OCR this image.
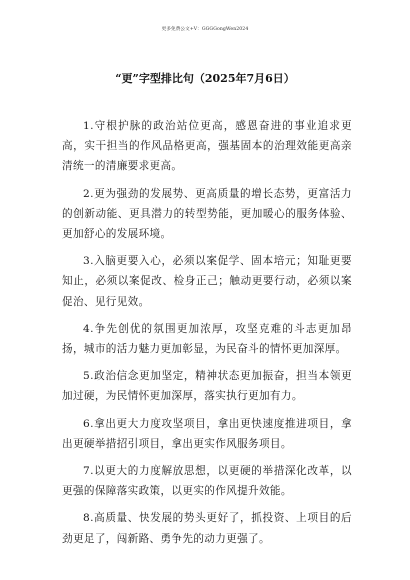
更多免费公文+V：GGGGongWen2024
“更”字型排比句（2025年7月6日）

1.守根护脉的政治站位更高，感恩奋进的事业追求更高，实干担当的作风品格更高，强基固本的治理效能更高亲清统一的清廉要求更高。

2.更为强劲的发展势、更高质量的增长态势，更富活力的创新动能、更具潜力的转型势能，更加暖心的服务体验、更加舒心的发展环境。

3.入脑更要入心，必须以案促学、固本培元；知耻更要知止，必须以案促改、检身正己；触动更要行动，必须以案促治、见行见效。

4.争先创优的氛围更加浓厚，攻坚克难的斗志更加昂扬，城市的活力魅力更加彰显，为民奋斗的情怀更加深厚。

5.政治信念更加坚定，精神状态更加振奋，担当本领更加过硬，为民情怀更加深厚，落实执行更加有力。

6.拿出更大力度攻坚项目，拿出更快速度推进项目，拿出更硬举措招引项目，拿出更实作风服务项目。

7.以更大的力度解放思想，以更硬的举措深化改革，以更强的保障落实政策，以更实的作风提升效能。

8.高质量、快发展的势头更好了，抓投资、上项目的后劲更足了，闯新路、勇争先的动力更强了。
